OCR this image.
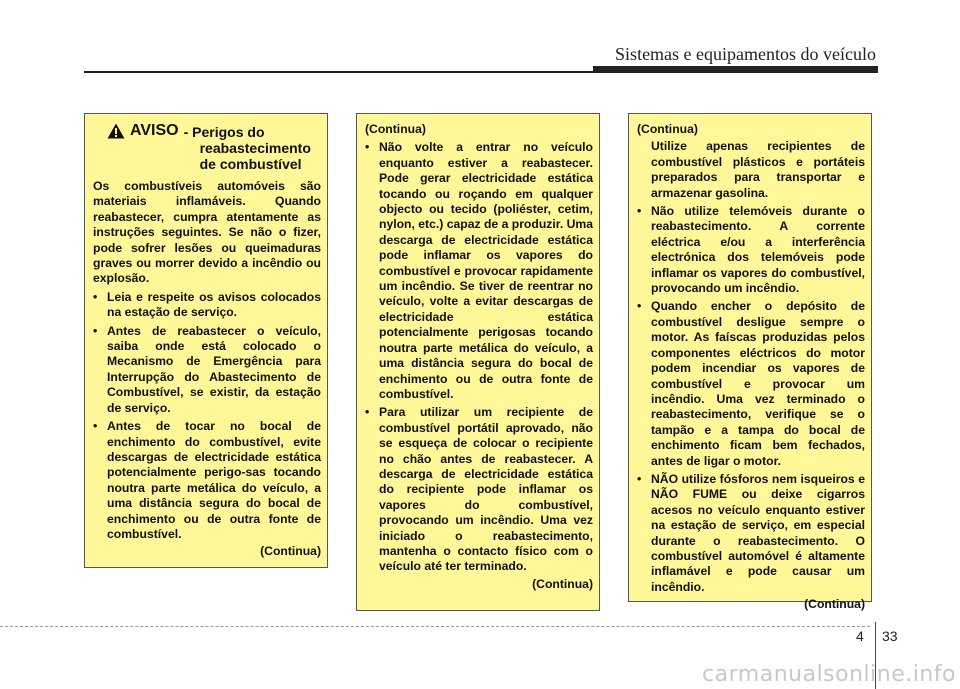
Sistemas e equipamentos do veículo
AVISO - Perigos do
reabastecimento
de combustível

Os combustíveis automóveis são materiais inflamáveis. Quando reabastecer, cumpra atentamente as instruções seguintes. Se não o fizer, pode sofrer lesões ou queimaduras graves ou morrer devido a incêndio ou explosão.

• Leia e respeite os avisos colocados na estação de serviço.
• Antes de reabastecer o veículo, saiba onde está colocado o Mecanismo de Emergência para Interrupção do Abastecimento de Combustível, se existir, da estação de serviço.
• Antes de tocar no bocal de enchimento do combustível, evite descargas de electricidade estática potencialmente perigo-sas tocando noutra parte metálica do veículo, a uma distância segura do bocal de enchimento ou de outra fonte de combustível.
(Continua)
(Continua)
• Não volte a entrar no veículo enquanto estiver a reabastecer. Pode gerar electricidade estática tocando ou roçando em qualquer objecto ou tecido (poliéster, cetim, nylon, etc.) capaz de a produzir. Uma descarga de electricidade estática pode inflamar os vapores do combustível e provocar rapidamente um incêndio. Se tiver de reentrar no veículo, volte a evitar descargas de electricidade estática potencialmente perigosas tocando noutra parte metálica do veículo, a uma distância segura do bocal de enchimento ou de outra fonte de combustível.
• Para utilizar um recipiente de combustível portátil aprovado, não se esqueça de colocar o recipiente no chão antes de reabastecer. A descarga de electricidade estática do recipiente pode inflamar os vapores do combustível, provocando um incêndio. Uma vez iniciado o reabastecimento, mantenha o contacto físico com o veículo até ter terminado.
(Continua)
(Continua)
Utilize apenas recipientes de combustível plásticos e portáteis preparados para transportar e armazenar gasolina.
• Não utilize telemóveis durante o reabastecimento. A corrente eléctrica e/ou a interferência electrónica dos telemóveis pode inflamar os vapores do combustível, provocando um incêndio.
• Quando encher o depósito de combustível desligue sempre o motor. As faíscas produzidas pelos componentes eléctricos do motor podem incendiar os vapores de combustível e provocar um incêndio. Uma vez terminado o reabastecimento, verifique se o tampão e a tampa do bocal de enchimento ficam bem fechados, antes de ligar o motor.
• NÃO utilize fósforos nem isqueiros e NÃO FUME ou deixe cigarros acesos no veículo enquanto estiver na estação de serviço, em especial durante o reabastecimento. O combustível automóvel é altamente inflamável e pode causar um incêndio.
(Continua)
4 33
carmanualsonline.info
